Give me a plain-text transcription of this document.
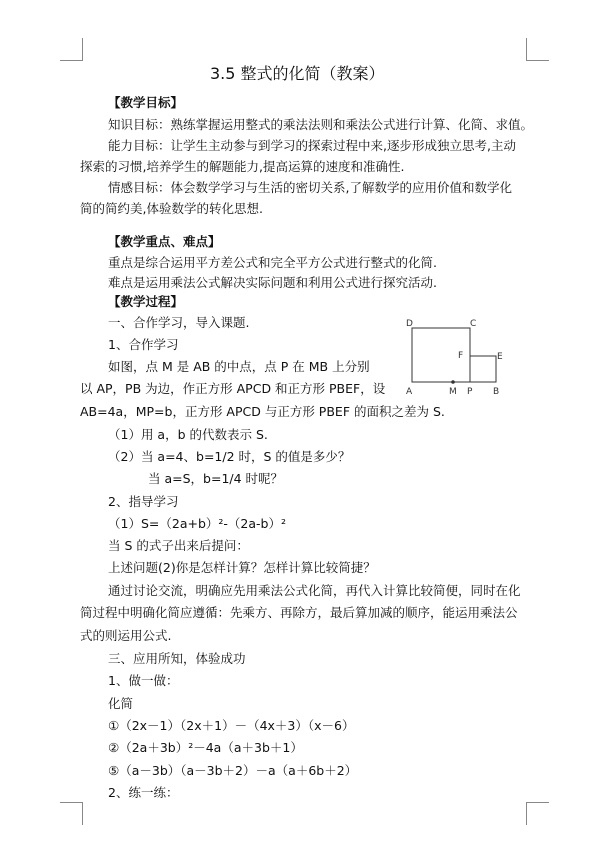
3.5 整式的化简（教案）
【教学目标】
知识目标：熟练掌握运用整式的乘法法则和乘法公式进行计算、化简、求值。
能力目标：让学生主动参与到学习的探索过程中来,逐步形成独立思考,主动
探索的习惯,培养学生的解题能力,提高运算的速度和准确性.
情感目标：体会数学学习与生活的密切关系,了解数学的应用价值和数学化
简的简约美,体验数学的转化思想.
【教学重点、难点】
重点是综合运用平方差公式和完全平方公式进行整式的化简.
难点是运用乘法公式解决实际问题和利用公式进行探究活动.
【教学过程】
一、合作学习，导入课题.
1、合作学习
如图，点 M 是 AB 的中点，点 P 在 MB 上分别
以 AP，PB 为边，作正方形 APCD 和正方形 PBEF，设
AB=4a，MP=b，正方形 APCD 与正方形 PBEF 的面积之差为 S.
（1）用 a，b 的代数表示 S.
（2）当 a=4、b=1/2 时，S 的值是多少？
当 a=S，b=1/4 时呢？
2、指导学习
（1）S=（2a+b）²-（2a-b）²
当 S 的式子出来后提问：
上述问题(2)你是怎样计算？怎样计算比较简捷？
通过讨论交流，明确应先用乘法公式化简，再代入计算比较简便，同时在化
简过程中明确化简应遵循：先乘方、再除方，最后算加减的顺序，能运用乘法公
式的则运用公式.
三、应用所知，体验成功
1、做一做：
化简
①（2x－1）（2x＋1）－（4x＋3）（x－6）
②（2a＋3b）²－4a（a＋3b＋1）
⑤（a－3b）（a－3b＋2）－a（a＋6b＋2）
2、练一练：
D	C
F	E
A	M P B
